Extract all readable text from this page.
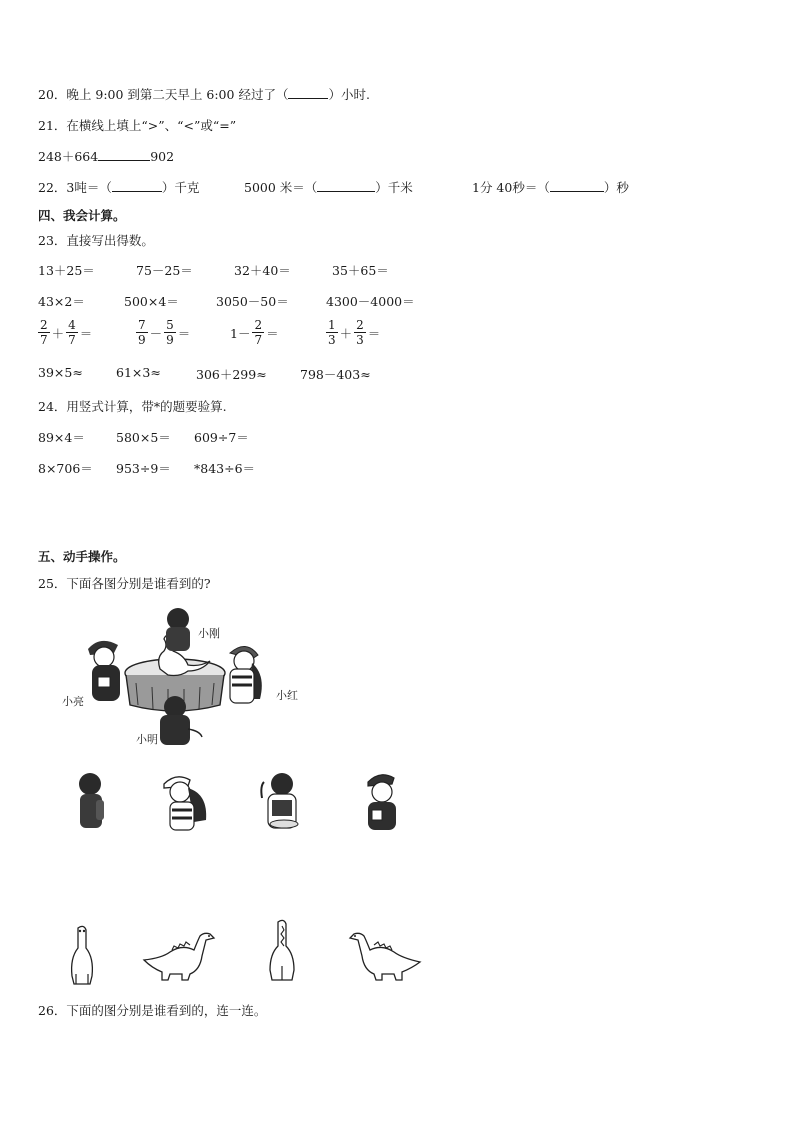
20．晚上 9:00 到第二天早上 6:00 经过了（	）小时.
21．在横线上填上“>”、“<”或“=”
248＋664	902
22．3吨＝（	）千克	5000 米＝（	）千米	1分 40秒＝（	）秒
四、我会计算。
23．直接写出得数。
13＋25＝	75－25＝	32＋40＝	35＋65＝
43×2＝	500×4＝	3050－50＝	4300－4000＝
$\frac{2}{7} + \frac{4}{7}$ ＝	$\frac{7}{9} - \frac{5}{9}$ ＝	$1- \frac{2}{7}$ ＝	$\frac{1}{3} + \frac{2}{3}$ ＝
39×5≈	61×3≈	306＋299≈	798－403≈
24．用竖式计算，带*的题要验算.
89×4＝ 580×5＝ 609÷7＝
8×706＝ 953÷9＝ *843÷6＝
五、动手操作。
25．下面各图分别是谁看到的?
小刚
小亮	小红
小明
26．下面的图分别是谁看到的，连一连。
